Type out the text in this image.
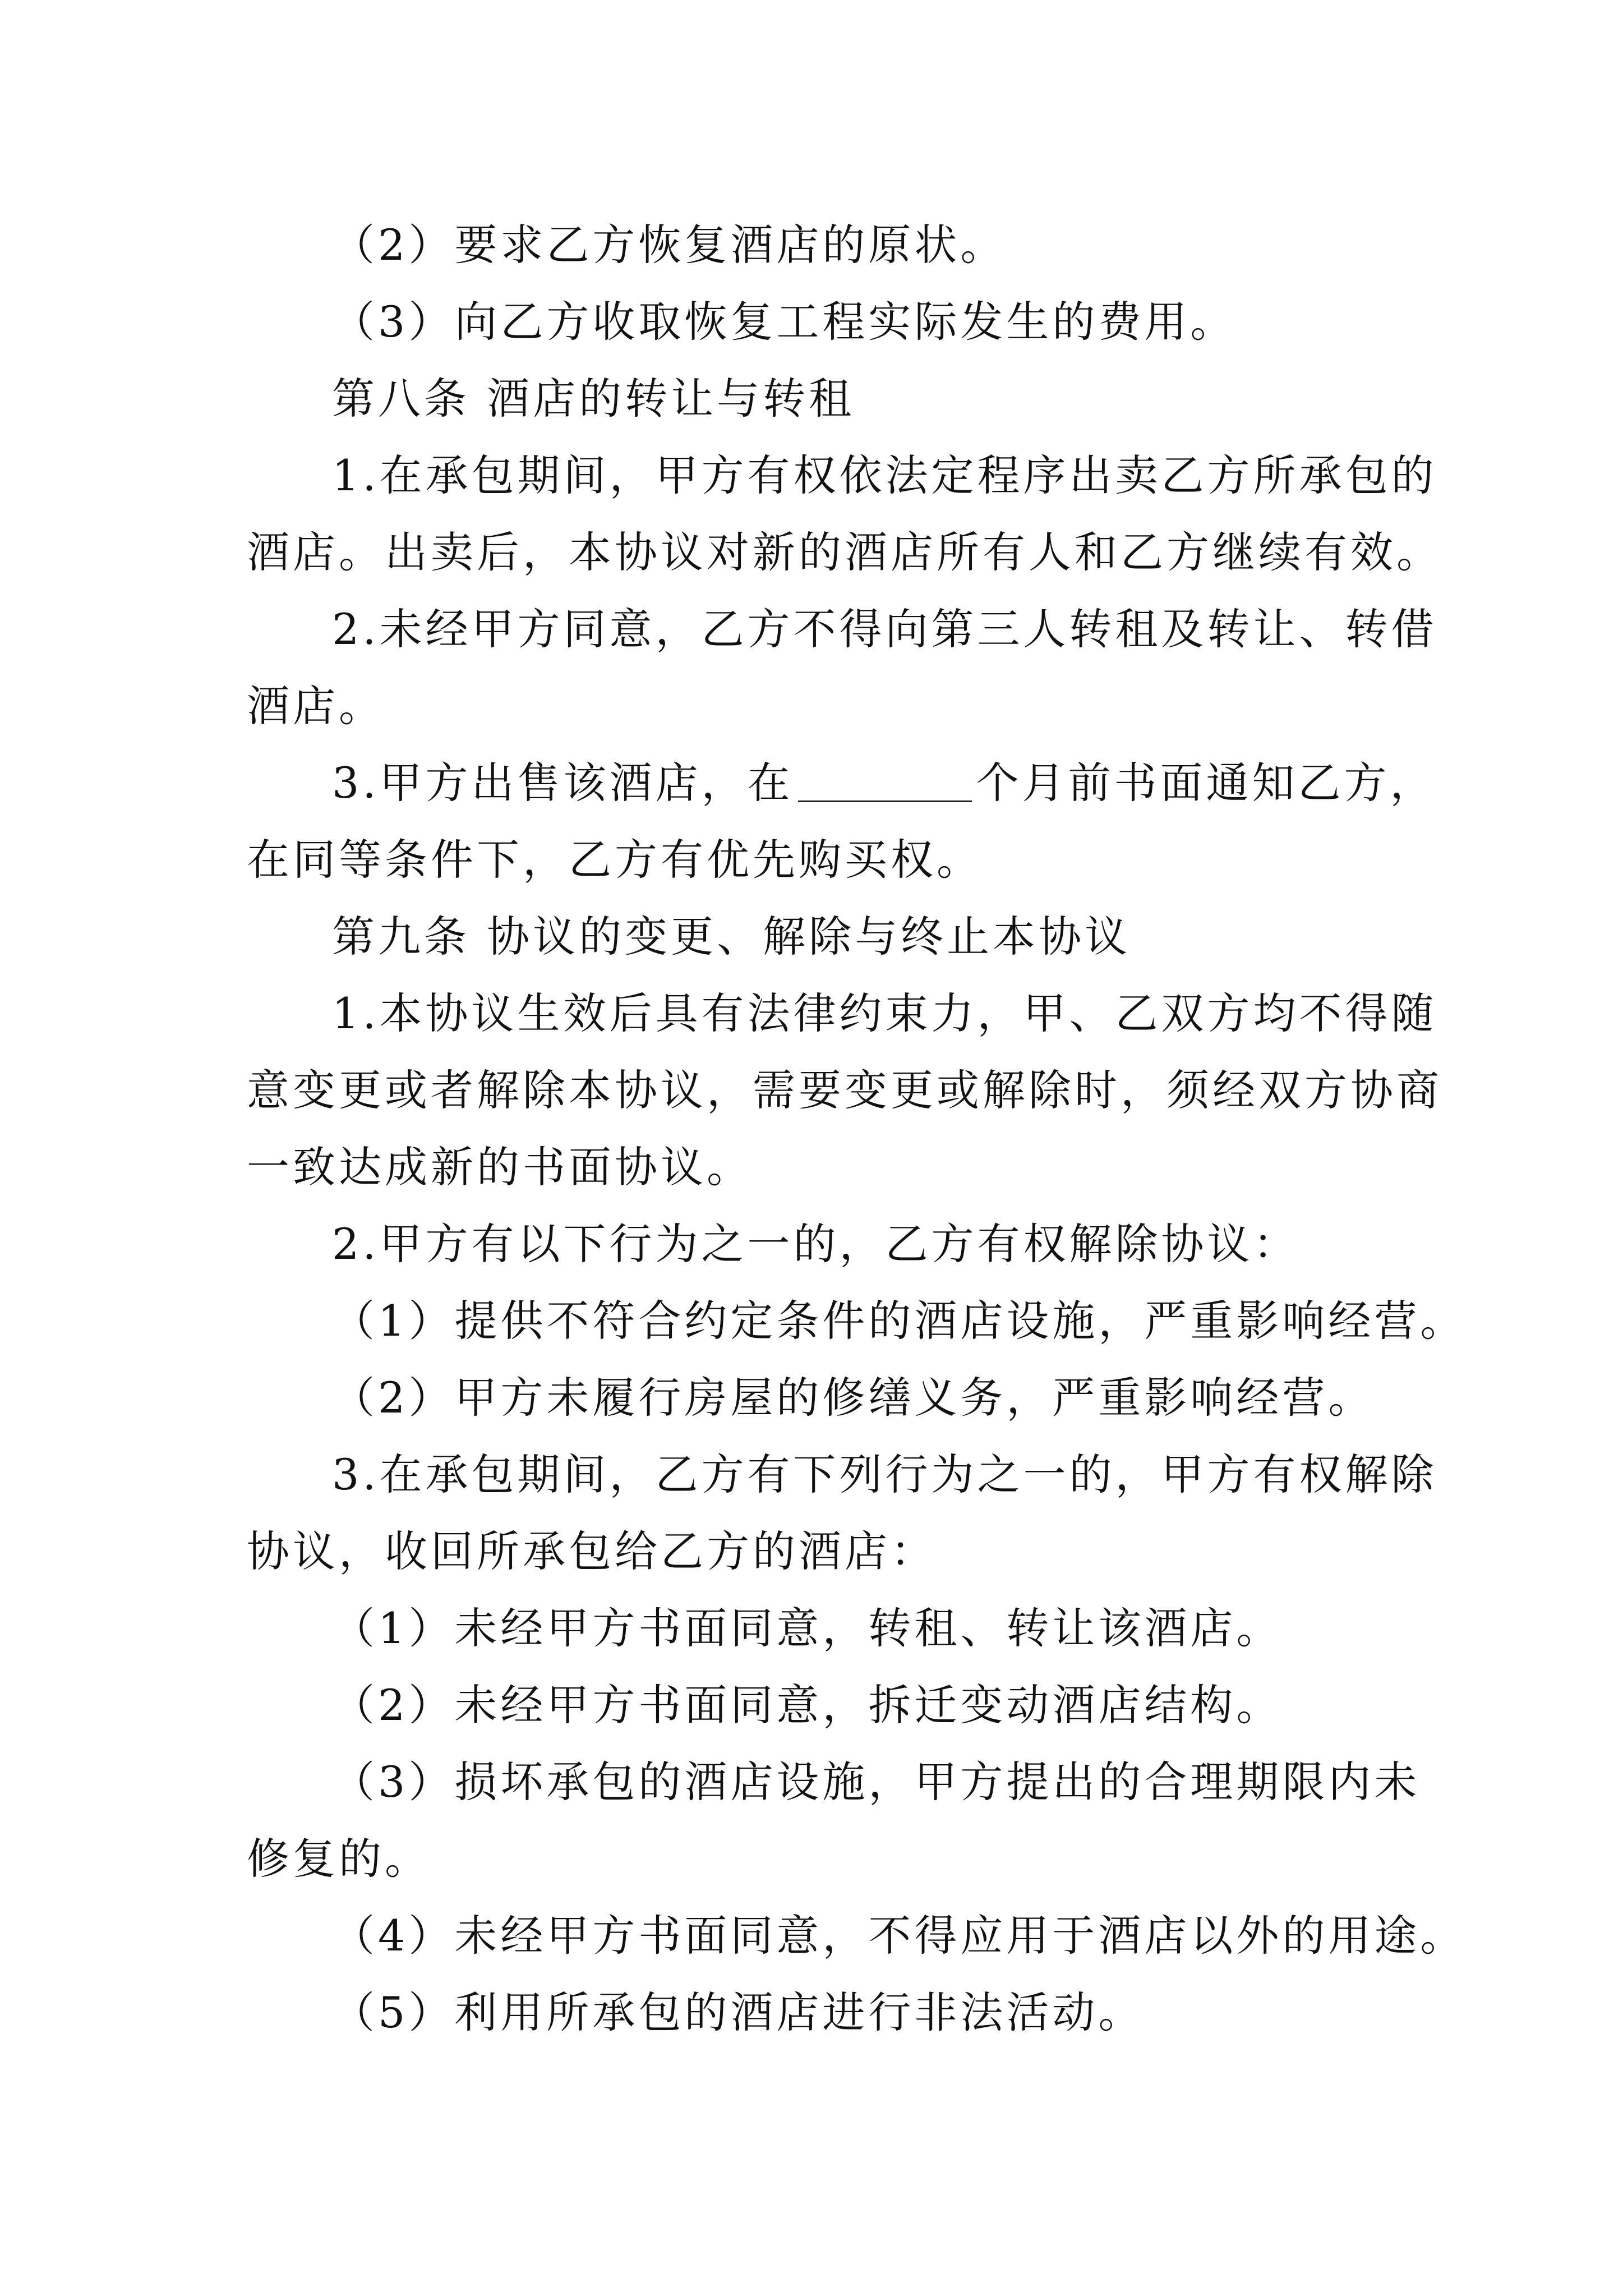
（2）要求乙方恢复酒店的原状。

（3）向乙方收取恢复工程实际发生的费用。

第八条 酒店的转让与转租

1.在承包期间，甲方有权依法定程序出卖乙方所承包的

酒店。出卖后，本协议对新的酒店所有人和乙方继续有效。

2.未经甲方同意，乙方不得向第三人转租及转让、转借

酒店。

3.甲方出售该酒店，在	个月前书面通知乙方，

在同等条件下，乙方有优先购买权。

第九条 协议的变更、解除与终止本协议

1.本协议生效后具有法律约束力，甲、乙双方均不得随

意变更或者解除本协议，需要变更或解除时，须经双方协商

一致达成新的书面协议。

2.甲方有以下行为之一的，乙方有权解除协议：

（1）提供不符合约定条件的酒店设施，严重影响经营。

（2）甲方未履行房屋的修缮义务，严重影响经营。

3.在承包期间，乙方有下列行为之一的，甲方有权解除

协议，收回所承包给乙方的酒店：

（1）未经甲方书面同意，转租、转让该酒店。

（2）未经甲方书面同意，拆迁变动酒店结构。

（3）损坏承包的酒店设施，甲方提出的合理期限内未

修复的。

（4）未经甲方书面同意，不得应用于酒店以外的用途。

（5）利用所承包的酒店进行非法活动。
